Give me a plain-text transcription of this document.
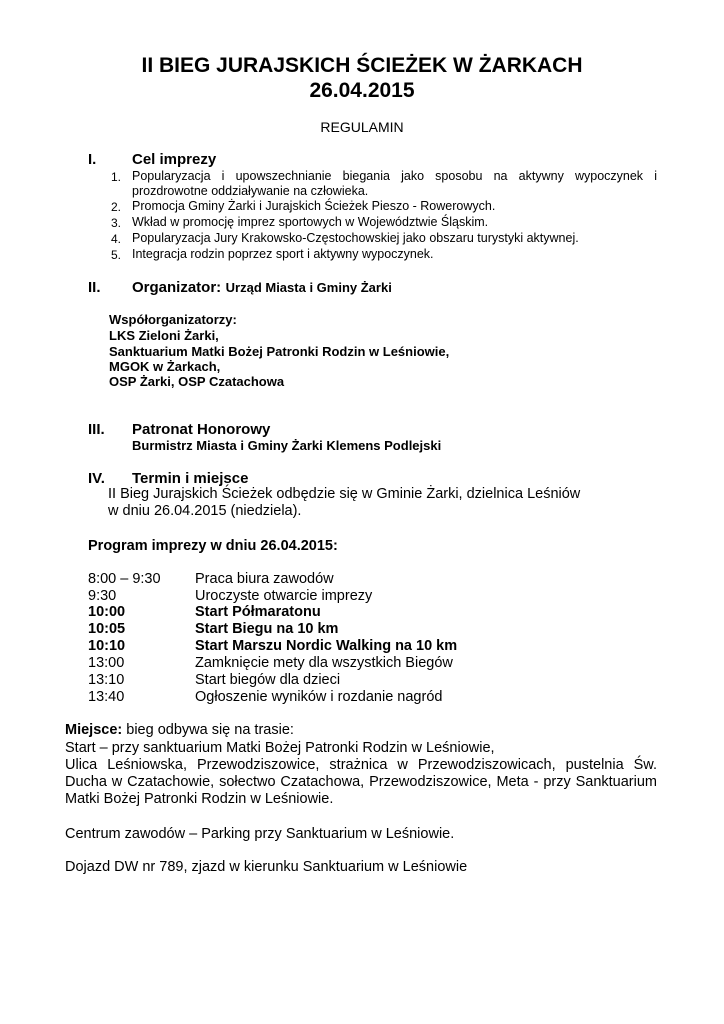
II BIEG JURAJSKICH ŚCIEŻEK W ŻARKACH
26.04.2015
REGULAMIN
I. Cel imprezy
1. Popularyzacja i upowszechnianie biegania jako sposobu na aktywny wypoczynek i
prozdrowotne oddziaływanie na człowieka.
2. Promocja Gminy Żarki i Jurajskich Ścieżek Pieszo - Rowerowych.
3. Wkład w promocję imprez sportowych w Województwie Śląskim.
4. Popularyzacja Jury Krakowsko-Częstochowskiej jako obszaru turystyki aktywnej.
5. Integracja rodzin poprzez sport i aktywny wypoczynek.
II. Organizator: Urząd Miasta i Gminy Żarki
Współorganizatorzy:
LKS Zieloni Żarki,
Sanktuarium Matki Bożej Patronki Rodzin w Leśniowie,
MGOK w Żarkach,
OSP Żarki, OSP Czatachowa
III. Patronat Honorowy
Burmistrz Miasta i Gminy Żarki Klemens Podlejski
IV. Termin i miejsce
II Bieg Jurajskich Ścieżek odbędzie się w Gminie Żarki, dzielnica Leśniów
w dniu 26.04.2015 (niedziela).
Program imprezy w dniu 26.04.2015:
8:00 – 9:30 Praca biura zawodów
9:30	Uroczyste otwarcie imprezy
10:00	Start Półmaratonu
10:05	Start Biegu na 10 km
10:10	Start Marszu Nordic Walking na 10 km
13:00	Zamknięcie mety dla wszystkich Biegów
13:10	Start biegów dla dzieci
13:40	Ogłoszenie wyników i rozdanie nagród
Miejsce: bieg odbywa się na trasie:
Start – przy sanktuarium Matki Bożej Patronki Rodzin w Leśniowie,
Ulica Leśniowska, Przewodziszowice, strażnica w Przewodziszowicach, pustelnia Św.
Ducha w Czatachowie, sołectwo Czatachowa, Przewodziszowice, Meta - przy Sanktuarium
Matki Bożej Patronki Rodzin w Leśniowie.
Centrum zawodów – Parking przy Sanktuarium w Leśniowie.
Dojazd DW nr 789, zjazd w kierunku Sanktuarium w Leśniowie
